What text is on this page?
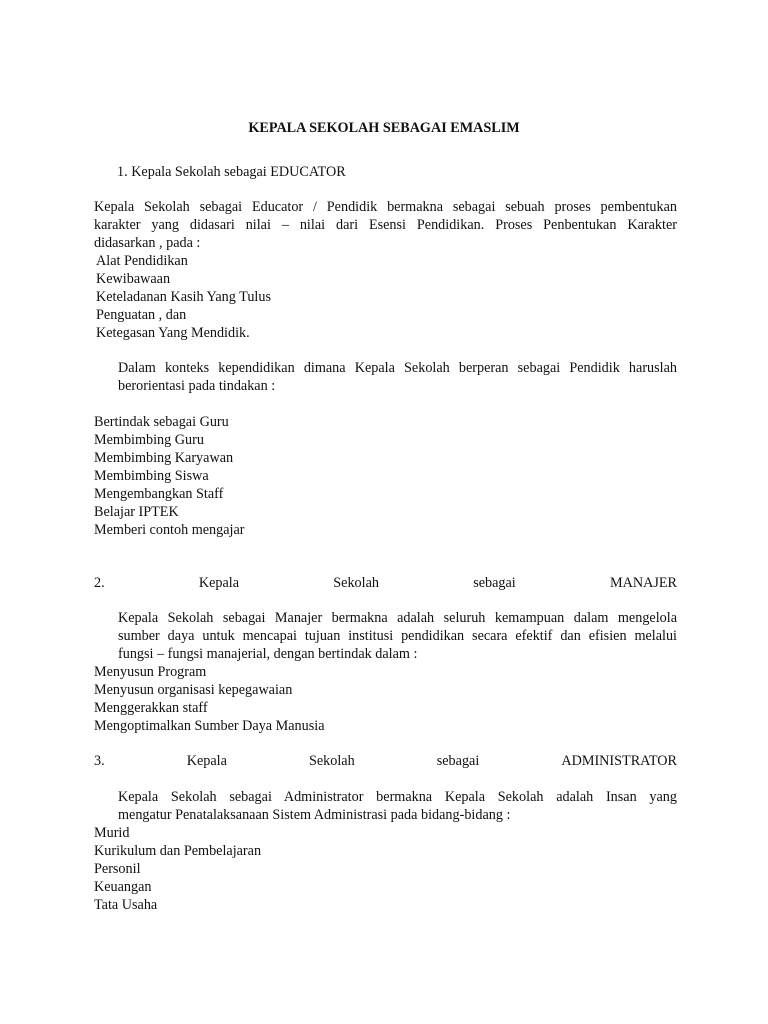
KEPALA SEKOLAH SEBAGAI EMASLIM
1. Kepala Sekolah sebagai EDUCATOR
Kepala Sekolah sebagai Educator / Pendidik bermakna sebagai sebuah proses pembentukan
karakter yang didasari nilai – nilai dari Esensi Pendidikan. Proses Penbentukan Karakter
didasarkan , pada :
Alat Pendidikan
Kewibawaan
Keteladanan Kasih Yang Tulus
Penguatan , dan
Ketegasan Yang Mendidik.
Dalam konteks kependidikan dimana Kepala Sekolah berperan sebagai Pendidik haruslah
berorientasi pada tindakan :
Bertindak sebagai Guru
Membimbing Guru
Membimbing Karyawan
Membimbing Siswa
Mengembangkan Staff
Belajar IPTEK
Memberi contoh mengajar
2.	Kepala	Sekolah	sebagai	MANAJER
Kepala Sekolah sebagai Manajer bermakna adalah seluruh kemampuan dalam mengelola
sumber daya untuk mencapai tujuan institusi pendidikan secara efektif dan efisien melalui
fungsi – fungsi manajerial, dengan bertindak dalam :
Menyusun Program
Menyusun organisasi kepegawaian
Menggerakkan staff
Mengoptimalkan Sumber Daya Manusia
3.	Kepala	Sekolah	sebagai	ADMINISTRATOR
Kepala Sekolah sebagai Administrator bermakna Kepala Sekolah adalah Insan yang
mengatur Penatalaksanaan Sistem Administrasi pada bidang-bidang :
Murid
Kurikulum dan Pembelajaran
Personil
Keuangan
Tata Usaha
